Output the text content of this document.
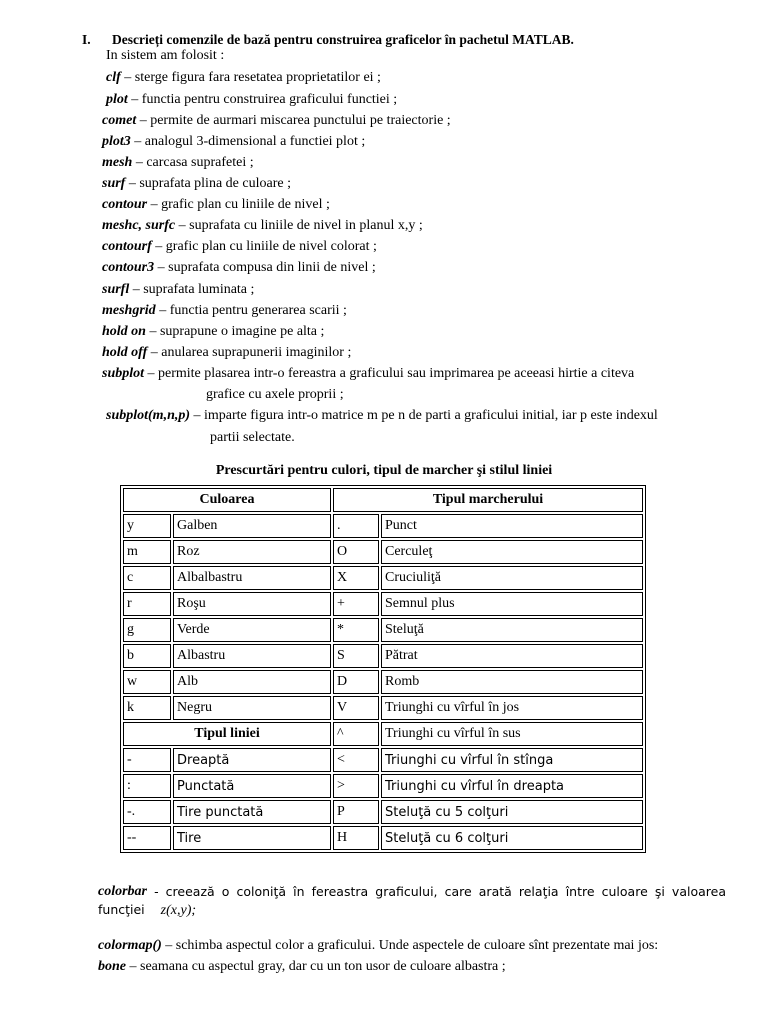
I. Descrieți comenzile de bază pentru construirea graficelor în pachetul MATLAB.
In sistem am folosit :
clf – sterge figura fara resetatea proprietatilor ei ;
plot – functia pentru construirea graficului functiei ;
comet – permite de aurmari miscarea punctului pe traiectorie ;
plot3 – analogul 3-dimensional a functiei plot ;
mesh – carcasa suprafetei ;
surf – suprafata plina de culoare ;
contour – grafic plan cu liniile de nivel ;
meshc, surfc – suprafata cu liniile de nivel in planul x,y ;
contourf – grafic plan cu liniile de nivel colorat ;
contour3 – suprafata compusa din linii de nivel ;
surfl – suprafata luminata ;
meshgrid – functia pentru generarea scarii ;
hold on – suprapune o imagine pe alta ;
hold off – anularea suprapunerii imaginilor ;
subplot – permite plasarea intr-o fereastra a graficului sau imprimarea pe aceeasi hirtie a citeva
grafice cu axele proprii ;
subplot(m,n,p) – imparte figura intr-o matrice m pe n de parti a graficului initial, iar p este indexul
partii selectate.
Prescurtări pentru culori, tipul de marcher şi stilul liniei
Culoarea		Tipul marcherului	
y	Galben	.	Punct
m	Roz	O	Cerculeţ
c	Albalbastru	X	Cruciuliţă
r	Roşu	+	Semnul plus
g	Verde	*	Steluţă
b	Albastru	S	Pătrat
w	Alb	D	Romb
k	Negru	V	Triunghi cu vîrful în jos
Tipul liniei		^	Triunghi cu vîrful în sus
-	Dreaptă	<	Triunghi cu vîrful în stînga
:	Punctată	>	Triunghi cu vîrful în dreapta
-.	Tire punctată	P	Steluţă cu 5 colţuri
--	Tire	H	Steluţă cu 6 colţuri
colorbar - creează o coloniţă în fereastra graficului, care arată relaţia între culoare şi valoarea
funcţiei z(x,y);
colormap() – schimba aspectul color a graficului. Unde aspectele de culoare sînt prezentate mai jos:
bone – seamana cu aspectul gray, dar cu un ton usor de culoare albastra ;
